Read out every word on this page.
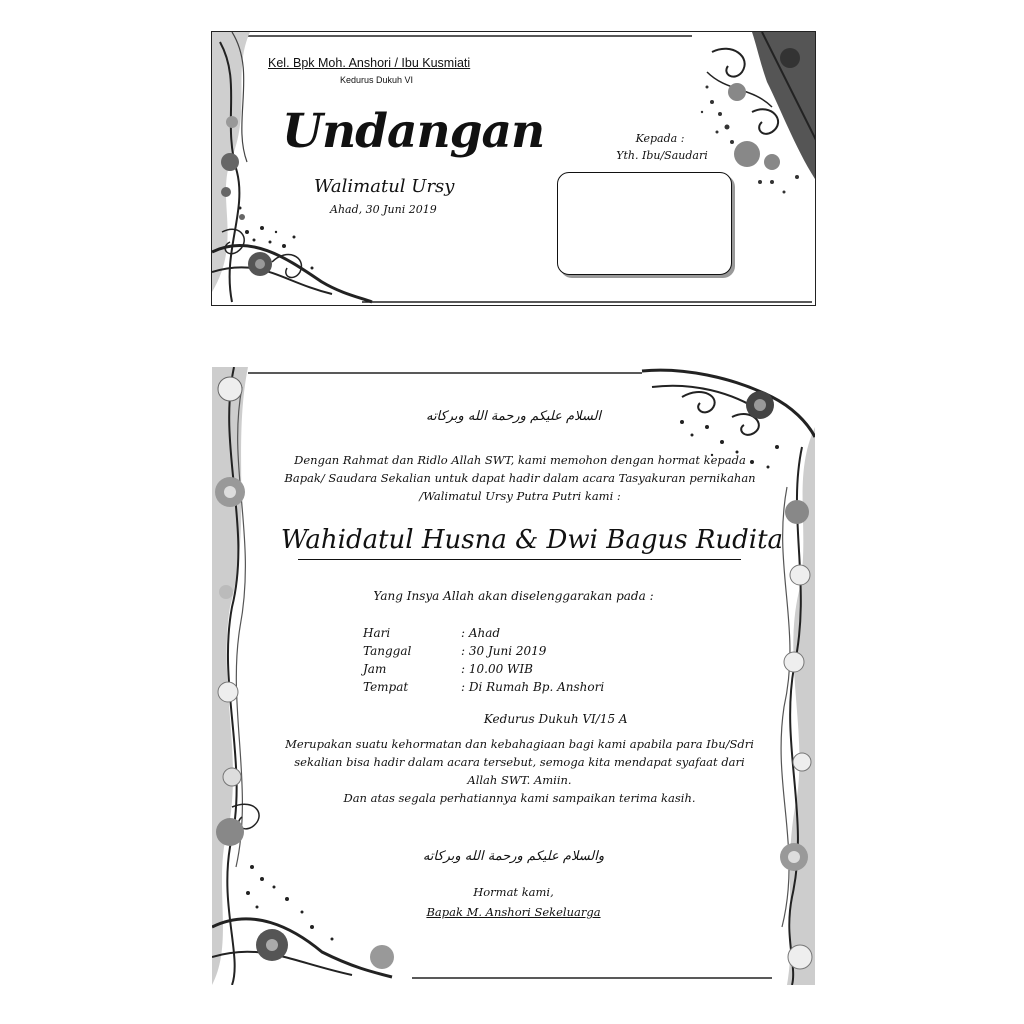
Kel. Bpk Moh. Anshori / Ibu Kusmiati
Kedurus Dukuh VI
Undangan
Walimatul Ursy
Ahad, 30 Juni 2019
Kepada :
Yth. Ibu/Saudari
السلام عليكم ورحمة الله وبركاته
Dengan Rahmat dan Ridlo Allah SWT, kami memohon dengan hormat kepada Bapak/ Saudara Sekalian untuk dapat hadir dalam acara Tasyakuran pernikahan /Walimatul Ursy Putra Putri kami :
Wahidatul Husna & Dwi Bagus Rudita
Yang Insya Allah akan diselenggarakan pada :
Hari	: Ahad
Tanggal	: 30 Juni 2019
Jam	: 10.00 WIB
Tempat	: Di Rumah Bp. Anshori

Kedurus Dukuh VI/15 A

Merupakan suatu kehormatan dan kebahagiaan bagi kami apabila para Ibu/Sdri sekalian bisa hadir dalam acara tersebut, semoga kita mendapat syafaat dari Allah SWT. Amiin.
Dan atas segala perhatiannya kami sampaikan terima kasih.
والسلام عليكم ورحمة الله وبركاته
Hormat kami,
Bapak M. Anshori Sekeluarga
